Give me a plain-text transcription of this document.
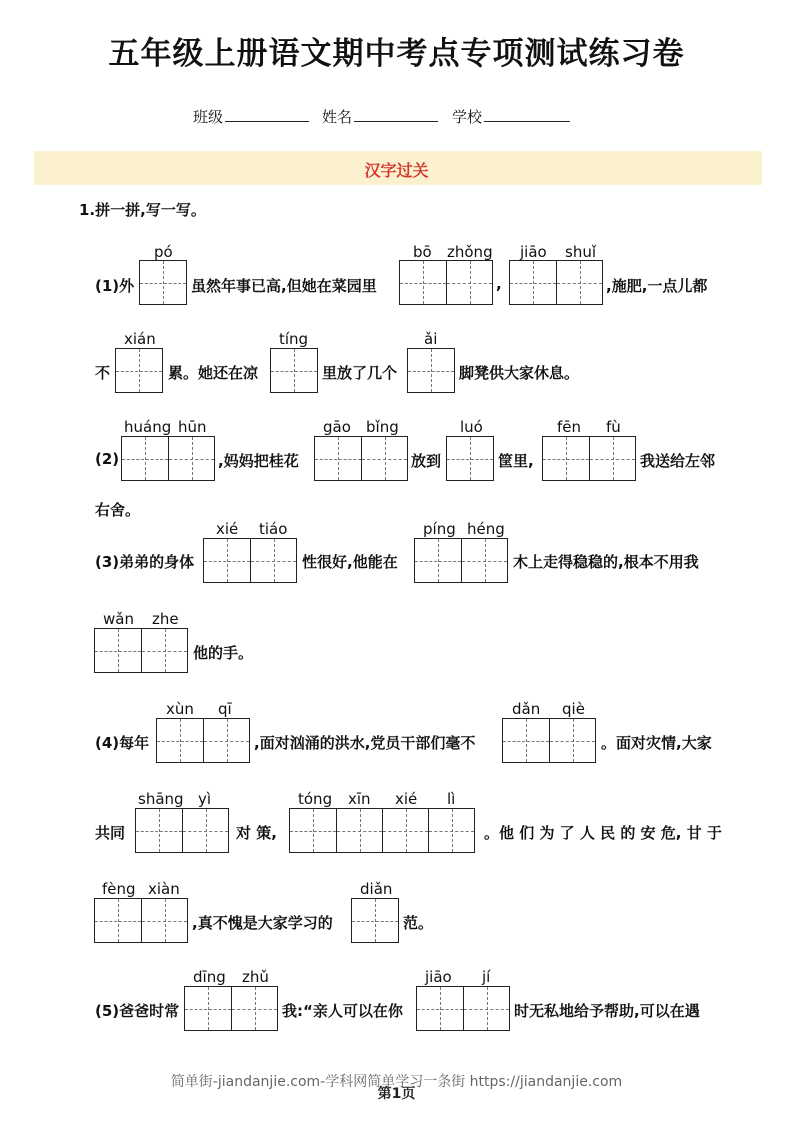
五年级上册语文期中考点专项测试练习卷
班级	姓名	学校
汉字过关
1.拼一拼,写一写。
pó	bō zhǒng jiāo shuǐ
(1)外	虽然年事已高,但她在菜园里	,	,施肥,一点儿都
xián	tíng	ǎi
不	累。她还在凉	里放了几个	脚凳供大家休息。
huáng hūn	gāo bǐng	luó	fēn fù
(2)	,妈妈把桂花	放到	筐里,	我送给左邻
右舍。
xié tiáo	píng héng
(3)弟弟的身体	性很好,他能在	木上走得稳稳的,根本不用我
wǎn zhe
他的手。
xùn qī	dǎn qiè
(4)每年	,面对汹涌的洪水,党员干部们毫不	。面对灾情,大家
shāng yì	tóng xīn xié lì
共同	对 策,	。他 们 为 了 人 民 的 安 危, 甘 于
fèng xiàn	diǎn
,真不愧是大家学习的	范。
dīng zhǔ	jiāo jí
(5)爸爸时常	我:“亲人可以在你	时无私地给予帮助,可以在遇
简单街-jiandanjie.com-学科网简单学习一条街 https://jiandanjie.com
第1页
